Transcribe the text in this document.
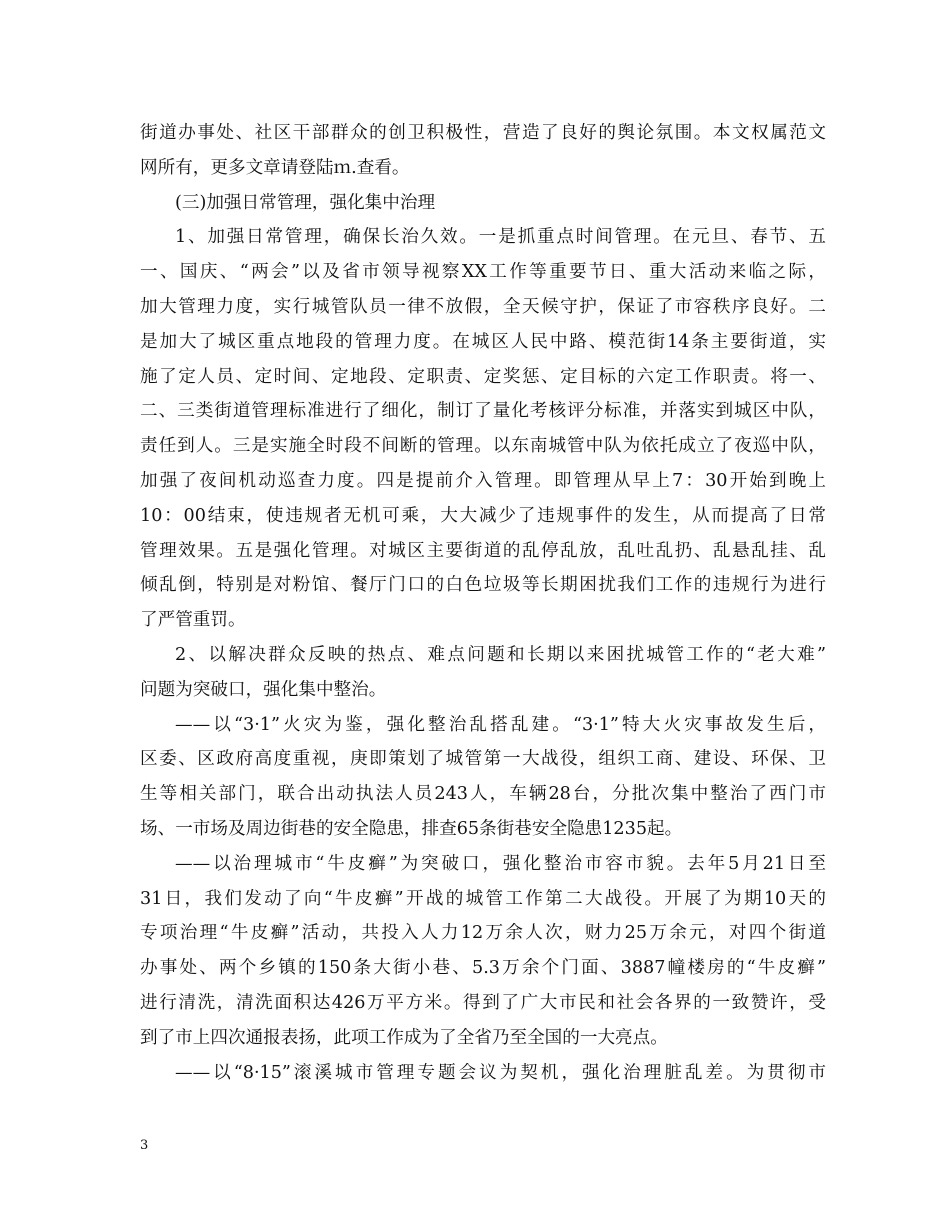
街道办事处、社区干部群众的创卫积极性，营造了良好的舆论氛围。本文权属范文
网所有，更多文章请登陆ｍ.查看。
(三)加强日常管理，强化集中治理
1、加强日常管理，确保长治久效。一是抓重点时间管理。在元旦、春节、五
一、国庆、“两会”以及省市领导视察XX工作等重要节日、重大活动来临之际，
加大管理力度，实行城管队员一律不放假，全天候守护，保证了市容秩序良好。二
是加大了城区重点地段的管理力度。在城区人民中路、模范街14条主要街道，实
施了定人员、定时间、定地段、定职责、定奖惩、定目标的六定工作职责。将一、
二、三类街道管理标准进行了细化，制订了量化考核评分标准，并落实到城区中队，
责任到人。三是实施全时段不间断的管理。以东南城管中队为依托成立了夜巡中队，
加强了夜间机动巡查力度。四是提前介入管理。即管理从早上7：30开始到晚上
10：00结束，使违规者无机可乘，大大减少了违规事件的发生，从而提高了日常
管理效果。五是强化管理。对城区主要街道的乱停乱放，乱吐乱扔、乱悬乱挂、乱
倾乱倒，特别是对粉馆、餐厅门口的白色垃圾等长期困扰我们工作的违规行为进行
了严管重罚。
2、以解决群众反映的热点、难点问题和长期以来困扰城管工作的“老大难”
问题为突破口，强化集中整治。
——以“3·1”火灾为鉴，强化整治乱搭乱建。“3·1”特大火灾事故发生后，
区委、区政府高度重视，庚即策划了城管第一大战役，组织工商、建设、环保、卫
生等相关部门，联合出动执法人员243人，车辆28台，分批次集中整治了西门市
场、一市场及周边街巷的安全隐患，排查65条街巷安全隐患1235起。
——以治理城市“牛皮癣”为突破口，强化整治市容市貌。去年5月21日至
31日，我们发动了向“牛皮癣”开战的城管工作第二大战役。开展了为期10天的
专项治理“牛皮癣”活动，共投入人力12万余人次，财力25万余元，对四个街道
办事处、两个乡镇的150条大街小巷、5.3万余个门面、3887幢楼房的“牛皮癣”
进行清洗，清洗面积达426万平方米。得到了广大市民和社会各界的一致赞许，受
到了市上四次通报表扬，此项工作成为了全省乃至全国的一大亮点。
——以“8·15”滚溪城市管理专题会议为契机，强化治理脏乱差。为贯彻市
3
